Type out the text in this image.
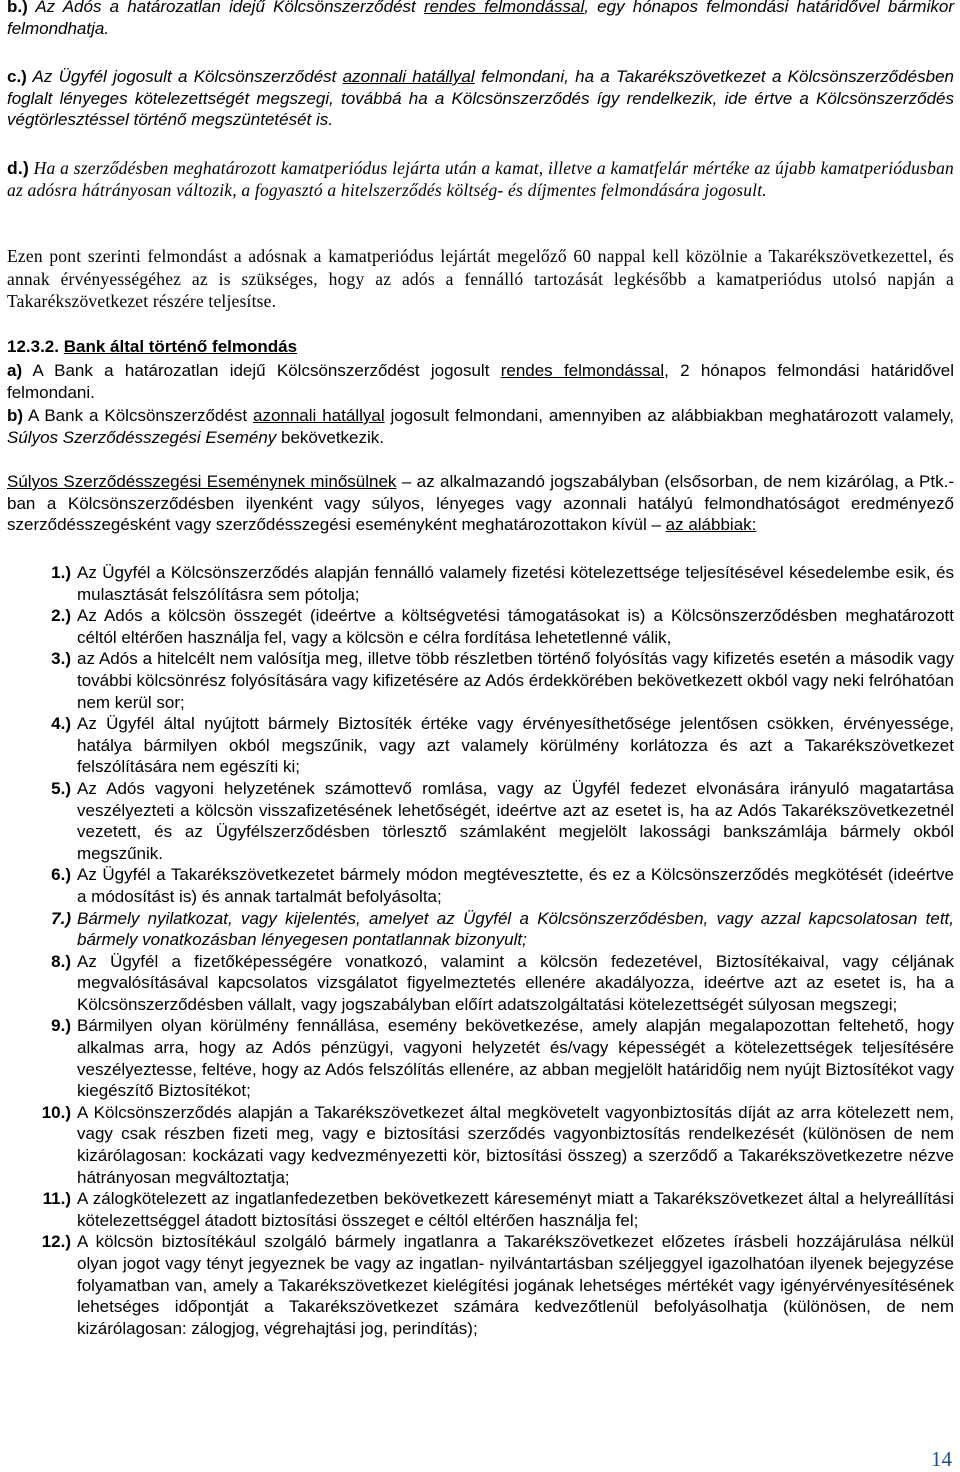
b.) Az Adós a határozatlan idejű Kölcsönszerződést rendes felmondással, egy hónapos felmondási határidővel bármikor felmondhatja.

c.) Az Ügyfél jogosult a Kölcsönszerződést azonnali hatállyal felmondani, ha a Takarékszövetkezet a Kölcsönszerződésben foglalt lényeges kötelezettségét megszegi, továbbá ha a Kölcsönszerződés így rendelkezik, ide értve a Kölcsönszerződés végtörlesztéssel történő megszüntetését is.

d.) Ha a szerződésben meghatározott kamatperiódus lejárta után a kamat, illetve a kamatfelár mértéke az újabb kamatperiódusban az adósra hátrányosan változik, a fogyasztó a hitelszerződés költség- és díjmentes felmondására jogosult.

Ezen pont szerinti felmondást a adósnak a kamatperiódus lejártát megelőző 60 nappal kell közölnie a Takarékszövetkezettel, és annak érvényességéhez az is szükséges, hogy az adós a fennálló tartozását legkésőbb a kamatperiódus utolsó napján a Takarékszövetkezet részére teljesítse.

12.3.2. Bank által történő felmondás

a) A Bank a határozatlan idejű Kölcsönszerződést jogosult rendes felmondással, 2 hónapos felmondási határidővel felmondani.

b) A Bank a Kölcsönszerződést azonnali hatállyal jogosult felmondani, amennyiben az alábbiakban meghatározott valamely, Súlyos Szerződésszegési Esemény bekövetkezik.

Súlyos Szerződésszegési Eseménynek minősülnek – az alkalmazandó jogszabályban (elsősorban, de nem kizárólag, a Ptk.- ban a Kölcsönszerződésben ilyenként vagy súlyos, lényeges vagy azonnali hatályú felmondhatóságot eredményező szerződésszegésként vagy szerződésszegési eseményként meghatározottakon kívül – az alábbiak:

1.) Az Ügyfél a Kölcsönszerződés alapján fennálló valamely fizetési kötelezettsége teljesítésével késedelembe esik, és mulasztását felszólításra sem pótolja;
2.) Az Adós a kölcsön összegét (ideértve a költségvetési támogatásokat is) a Kölcsönszerződésben meghatározott céltól eltérően használja fel, vagy a kölcsön e célra fordítása lehetetlenné válik,
3.) az Adós a hitelcélt nem valósítja meg, illetve több részletben történő folyósítás vagy kifizetés esetén a második vagy további kölcsönrész folyósítására vagy kifizetésére az Adós érdekkörében bekövetkezett okból vagy neki felróhatóan nem kerül sor;
4.) Az Ügyfél által nyújtott bármely Biztosíték értéke vagy érvényesíthetősége jelentősen csökken, érvényessége, hatálya bármilyen okból megszűnik, vagy azt valamely körülmény korlátozza és azt a Takarékszövetkezet felszólítására nem egészíti ki;
5.) Az Adós vagyoni helyzetének számottevő romlása, vagy az Ügyfél fedezet elvonására irányuló magatartása veszélyezteti a kölcsön visszafizetésének lehetőségét, ideértve azt az esetet is, ha az Adós Takarékszövetkezetnél vezetett, és az Ügyfélszerződésben törlesztő számlaként megjelölt lakossági bankszámlája bármely okból megszűnik.
6.) Az Ügyfél a Takarékszövetkezetet bármely módon megtévesztette, és ez a Kölcsönszerződés megkötését (ideértve a módosítást is) és annak tartalmát befolyásolta;
7.) Bármely nyilatkozat, vagy kijelentés, amelyet az Ügyfél a Kölcsönszerződésben, vagy azzal kapcsolatosan tett, bármely vonatkozásban lényegesen pontatlannak bizonyult;
8.) Az Ügyfél a fizetőképességére vonatkozó, valamint a kölcsön fedezetével, Biztosítékaival, vagy céljának megvalósításával kapcsolatos vizsgálatot figyelmeztetés ellenére akadályozza, ideértve azt az esetet is, ha a Kölcsönszerződésben vállalt, vagy jogszabályban előírt adatszolgáltatási kötelezettségét súlyosan megszegi;
9.) Bármilyen olyan körülmény fennállása, esemény bekövetkezése, amely alapján megalapozottan feltehető, hogy alkalmas arra, hogy az Adós pénzügyi, vagyoni helyzetét és/vagy képességét a kötelezettségek teljesítésére veszélyeztesse, feltéve, hogy az Adós felszólítás ellenére, az abban megjelölt határidőig nem nyújt Biztosítékot vagy kiegészítő Biztosítékot;
10.) A Kölcsönszerződés alapján a Takarékszövetkezet által megkövetelt vagyonbiztosítás díját az arra kötelezett nem, vagy csak részben fizeti meg, vagy e biztosítási szerződés vagyonbiztosítás rendelkezését (különösen de nem kizárólagosan: kockázati vagy kedvezményezetti kör, biztosítási összeg) a szerződő a Takarékszövetkezetre nézve hátrányosan megváltoztatja;
11.) A zálogkötelezett az ingatlanfedezetben bekövetkezett káreseményt miatt a Takarékszövetkezet által a helyreállítási kötelezettséggel átadott biztosítási összeget e céltól eltérően használja fel;
12.) A kölcsön biztosítékául szolgáló bármely ingatlanra a Takarékszövetkezet előzetes írásbeli hozzájárulása nélkül olyan jogot vagy tényt jegyeznek be vagy az ingatlan- nyilvántartásban széljeggyel igazolhatóan ilyenek bejegyzése folyamatban van, amely a Takarékszövetkezet kielégítési jogának lehetséges mértékét vagy igényérvényesítésének lehetséges időpontját a Takarékszövetkezet számára kedvezőtlenül befolyásolhatja (különösen, de nem kizárólagosan: zálogjog, végrehajtási jog, perindítás);
14
